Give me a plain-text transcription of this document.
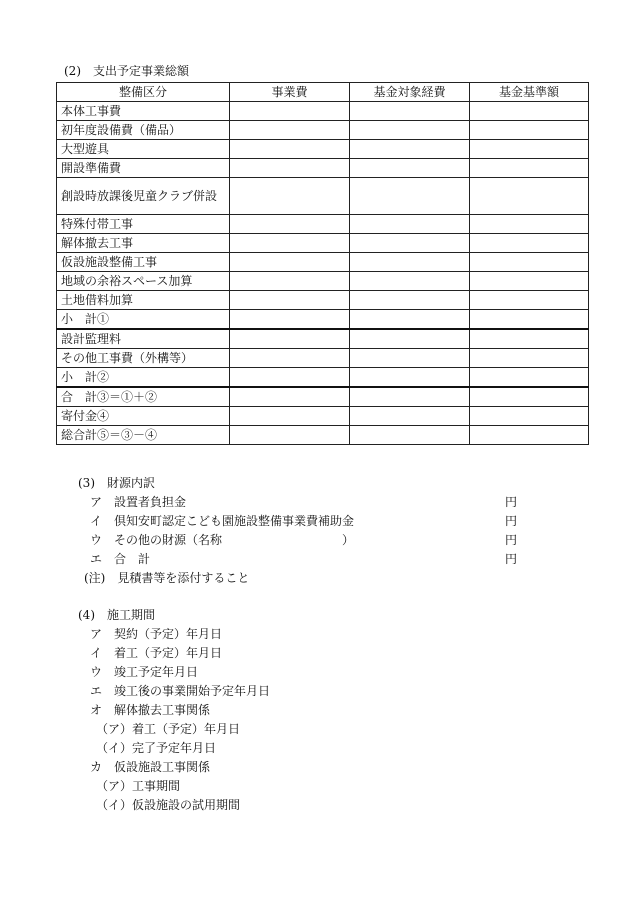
(2)　支出予定事業総額
整備区分	事業費	基金対象経費	基金基準額
本体工事費			
初年度設備費（備品）			
大型遊具			
開設準備費			
創設時放課後児童クラブ併設			
特殊付帯工事			
解体撤去工事			
仮設施設整備工事			
地域の余裕スペース加算			
土地借料加算			
小　計①			
設計監理料			
その他工事費（外構等）			
小　計②			
合　計③＝①＋②			
寄付金④			
総合計⑤＝③－④			
(3)　財源内訳
ア　設置者負担金	円
イ　倶知安町認定こども園施設整備事業費補助金	円
ウ　その他の財源（名称　　　　　　　　　　）	円
エ　合　計	円
(注)　見積書等を添付すること
(4)　施工期間
ア　契約（予定）年月日
イ　着工（予定）年月日
ウ　竣工予定年月日
エ　竣工後の事業開始予定年月日
オ　解体撤去工事関係
（ア）着工（予定）年月日
（イ）完了予定年月日
カ　仮設施設工事関係
（ア）工事期間
（イ）仮設施設の試用期間
